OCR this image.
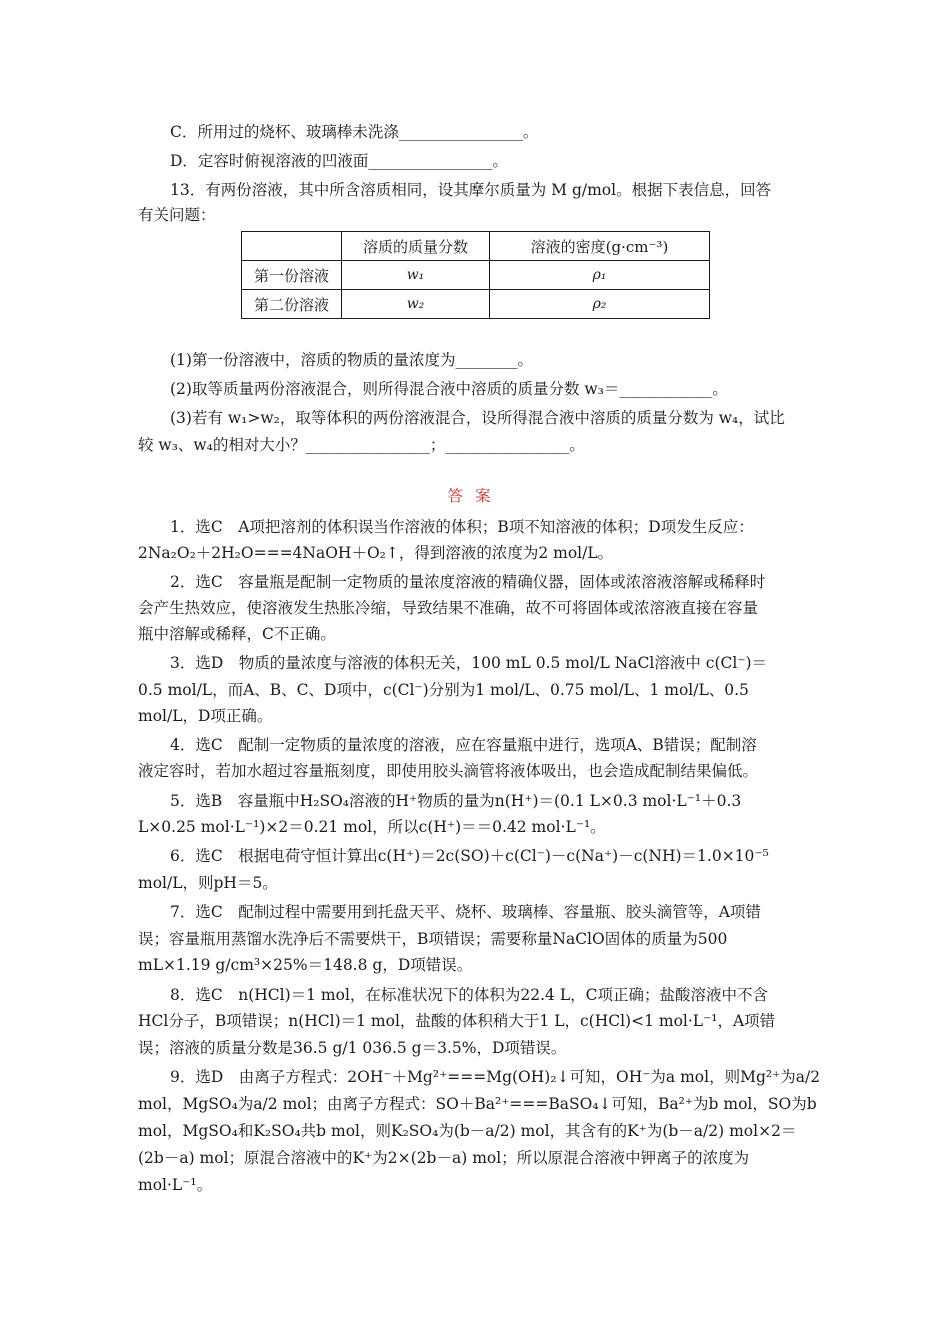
C．所用过的烧杯、玻璃棒未洗涤________________。
D．定容时俯视溶液的凹液面________________。
13．有两份溶液，其中所含溶质相同，设其摩尔质量为 M g/mol。根据下表信息，回答
有关问题：
	溶质的质量分数	溶液的密度(g·cm⁻³)
第一份溶液	w₁	ρ₁
第二份溶液	w₂	ρ₂
(1)第一份溶液中，溶质的物质的量浓度为________。
(2)取等质量两份溶液混合，则所得混合液中溶质的质量分数 w₃＝____________。
(3)若有 w₁>w₂，取等体积的两份溶液混合，设所得混合液中溶质的质量分数为 w₄，试比
较 w₃、w₄的相对大小？________________；________________。
答案
1．选C　A项把溶剂的体积误当作溶液的体积；B项不知溶液的体积；D项发生反应：
2Na₂O₂＋2H₂O===4NaOH＋O₂↑，得到溶液的浓度为2 mol/L。
2．选C　容量瓶是配制一定物质的量浓度溶液的精确仪器，固体或浓溶液溶解或稀释时
会产生热效应，使溶液发生热胀冷缩，导致结果不准确，故不可将固体或浓溶液直接在容量
瓶中溶解或稀释，C不正确。
3．选D　物质的量浓度与溶液的体积无关，100 mL 0.5 mol/L NaCl溶液中 c(Cl⁻)＝
0.5 mol/L，而A、B、C、D项中，c(Cl⁻)分别为1 mol/L、0.75 mol/L、1 mol/L、0.5
mol/L，D项正确。
4．选C　配制一定物质的量浓度的溶液，应在容量瓶中进行，选项A、B错误；配制溶
液定容时，若加水超过容量瓶刻度，即使用胶头滴管将液体吸出，也会造成配制结果偏低。
5．选B　容量瓶中H₂SO₄溶液的H⁺物质的量为n(H⁺)＝(0.1 L×0.3 mol·L⁻¹＋0.3
L×0.25 mol·L⁻¹)×2＝0.21 mol，所以c(H⁺)＝＝0.42 mol·L⁻¹。
6．选C　根据电荷守恒计算出c(H⁺)＝2c(SO)＋c(Cl⁻)－c(Na⁺)－c(NH)＝1.0×10⁻⁵
mol/L，则pH＝5。
7．选C　配制过程中需要用到托盘天平、烧杯、玻璃棒、容量瓶、胶头滴管等，A项错
误；容量瓶用蒸馏水洗净后不需要烘干，B项错误；需要称量NaClO固体的质量为500
mL×1.19 g/cm³×25%＝148.8 g，D项错误。
8．选C　n(HCl)＝1 mol，在标准状况下的体积为22.4 L，C项正确；盐酸溶液中不含
HCl分子，B项错误；n(HCl)＝1 mol，盐酸的体积稍大于1 L，c(HCl)<1 mol·L⁻¹，A项错
误；溶液的质量分数是36.5 g/1 036.5 g＝3.5%，D项错误。
9．选D　由离子方程式：2OH⁻＋Mg²⁺===Mg(OH)₂↓可知，OH⁻为a mol，则Mg²⁺为a/2
mol，MgSO₄为a/2 mol；由离子方程式：SO＋Ba²⁺===BaSO₄↓可知，Ba²⁺为b mol，SO为b
mol，MgSO₄和K₂SO₄共b mol，则K₂SO₄为(b－a/2) mol，其含有的K⁺为(b－a/2) mol×2＝
(2b－a) mol；原混合溶液中的K⁺为2×(2b－a) mol；所以原混合溶液中钾离子的浓度为
mol·L⁻¹。
